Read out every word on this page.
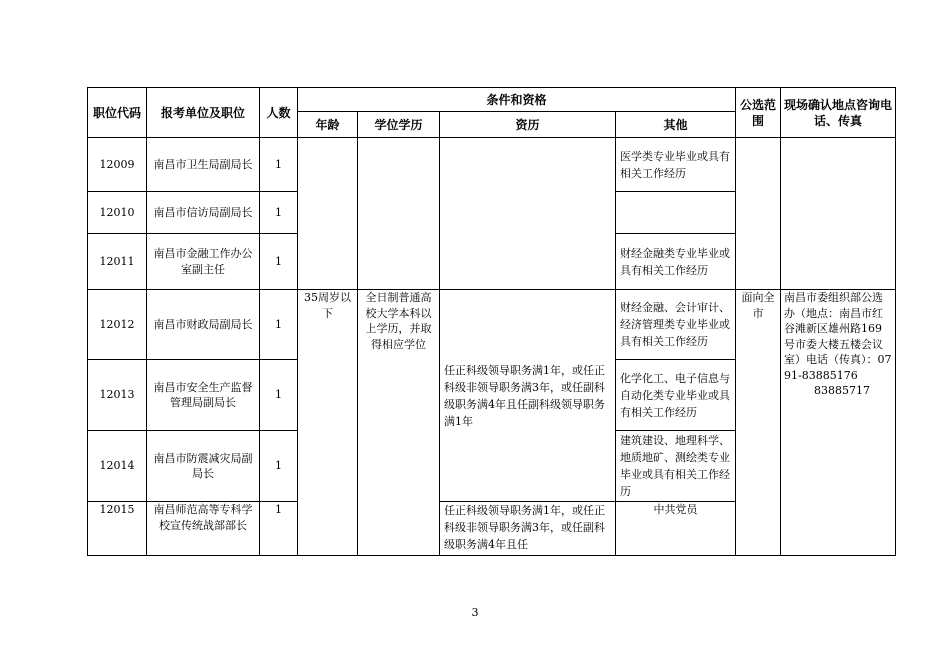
职位代码	报考单位及职位	人数	条件和资格				公选范围	现场确认地点咨询电话、传真
			年龄	学位学历	资历	其他		
12009	南昌市卫生局副局长	1				医学类专业毕业或具有相关工作经历		
12010	南昌市信访局副局长	1						
12011	南昌市金融工作办公室副主任	1				财经金融类专业毕业或具有相关工作经历		
12012	南昌市财政局副局长	1	35周岁以下	全日制普通高校大学本科以上学历，并取得相应学位	任正科级领导职务满1年，或任正科级非领导职务满3年，或任副科级职务满4年且任副科级领导职务满1年	财经金融、会计审计、经济管理类专业毕业或具有相关工作经历	面向全市	南昌市委组织部公选办（地点：南昌市红谷滩新区雄州路169号市委大楼五楼会议室）电话（传真）：0791-83885176
83885717

12013	南昌市安全生产监督管理局副局长	1				化学化工、电子信息与自动化类专业毕业或具有相关工作经历		
12014	南昌市防震减灾局副局长	1				建筑建设、地理科学、地质地矿、测绘类专业毕业或具有相关工作经历		
12015	南昌师范高等专科学校宣传统战部部长	1			任正科级领导职务满1年，或任正科级非领导职务满3年，或任副科级职务满4年且任	中共党员		
3
